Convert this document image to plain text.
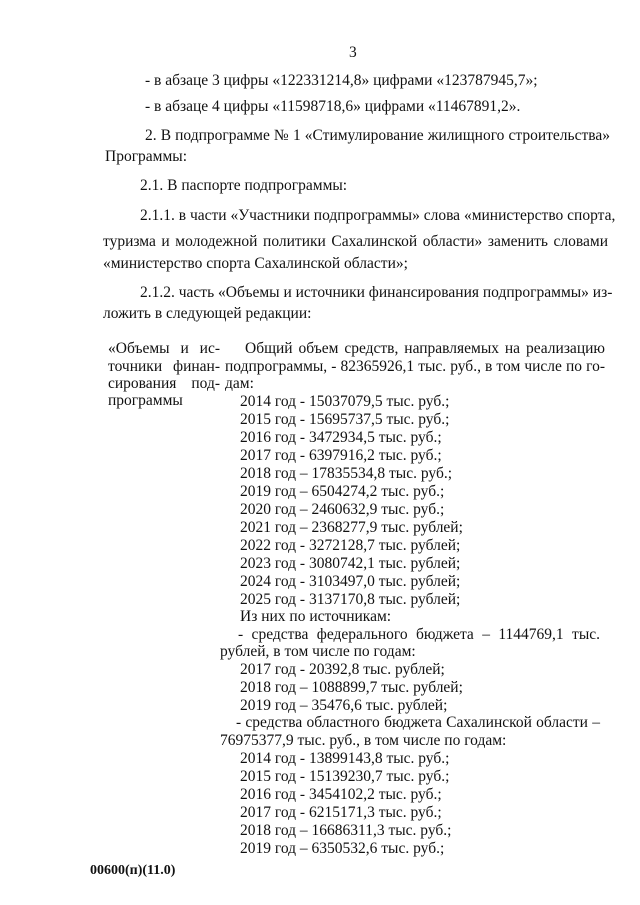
3
- в абзаце 3 цифры «122331214,8» цифрами «123787945,7»;
- в абзаце 4 цифры «11598718,6» цифрами «11467891,2».
2. В подпрограмме № 1 «Стимулирование жилищного строительства»
Программы:
2.1. В паспорте подпрограммы:
2.1.1. в части «Участники подпрограммы» слова «министерство спорта,
туризма и молодежной политики Сахалинской области» заменить словами
«министерство спорта Сахалинской области»;
2.1.2. часть «Объемы и источники финансирования подпрограммы» из-
ложить в следующей редакции:
«Объемы и ис-
точники финан-
сирования под-
программы
Общий объем средств, направляемых на реализацию
подпрограммы, - 82365926,1 тыс. руб., в том числе по го-
дам:
2014 год - 15037079,5 тыс. руб.;
2015 год - 15695737,5 тыс. руб.;
2016 год - 3472934,5 тыс. руб.;
2017 год - 6397916,2 тыс. руб.;
2018 год – 17835534,8 тыс. руб.;
2019 год – 6504274,2 тыс. руб.;
2020 год – 2460632,9 тыс. руб.;
2021 год – 2368277,9 тыс. рублей;
2022 год - 3272128,7 тыс. рублей;
2023 год - 3080742,1 тыс. рублей;
2024 год - 3103497,0 тыс. рублей;
2025 год - 3137170,8 тыс. рублей;
Из них по источникам:
- средства федерального бюджета – 1144769,1 тыс.
рублей, в том числе по годам:
2017 год - 20392,8 тыс. рублей;
2018 год – 1088899,7 тыс. рублей;
2019 год – 35476,6 тыс. рублей;
- средства областного бюджета Сахалинской области –
76975377,9 тыс. руб., в том числе по годам:
2014 год - 13899143,8 тыс. руб.;
2015 год - 15139230,7 тыс. руб.;
2016 год - 3454102,2 тыс. руб.;
2017 год - 6215171,3 тыс. руб.;
2018 год – 16686311,3 тыс. руб.;
2019 год – 6350532,6 тыс. руб.;
00600(п)(11.0)
